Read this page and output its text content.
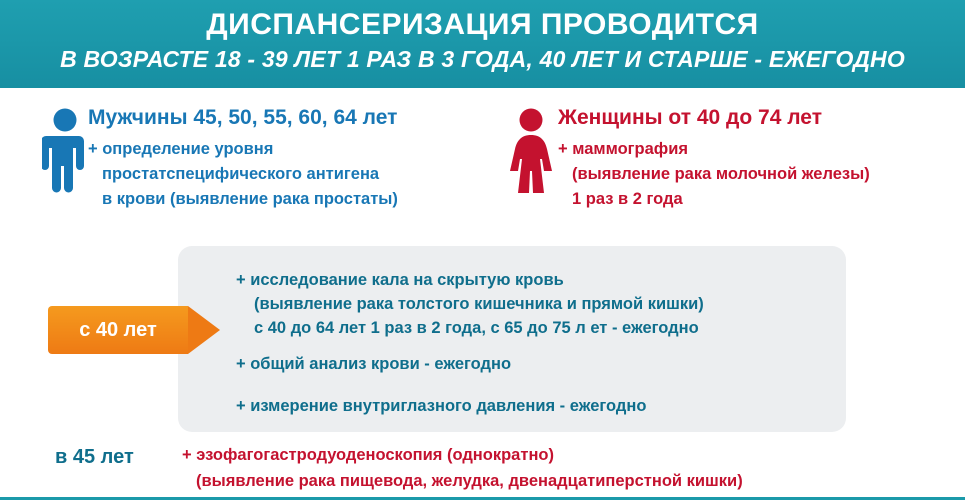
ДИСПАНСЕРИЗАЦИЯ ПРОВОДИТСЯ
В ВОЗРАСТЕ 18 - 39 ЛЕТ 1 РАЗ В 3 ГОДА, 40 ЛЕТ И СТАРШЕ - ЕЖЕГОДНО
Мужчины 45, 50, 55, 60, 64 лет
+ определение уровня
простатспецифического антигена
в крови (выявление рака простаты)
Женщины от 40 до 74 лет
+ маммография
(выявление рака молочной железы)
1 раз в 2 года
+ исследование кала на скрытую кровь
(выявление рака толстого кишечника и прямой кишки)
с 40 до 64 лет 1 раз в 2 года, с 65 до 75 л ет - ежегодно
+ общий анализ крови - ежегодно
+ измерение внутриглазного давления - ежегодно
с 40 лет
в 45 лет	+ эзофагогастродуоденоскопия (однократно)
(выявление рака пищевода, желудка, двенадцатиперстной кишки)
